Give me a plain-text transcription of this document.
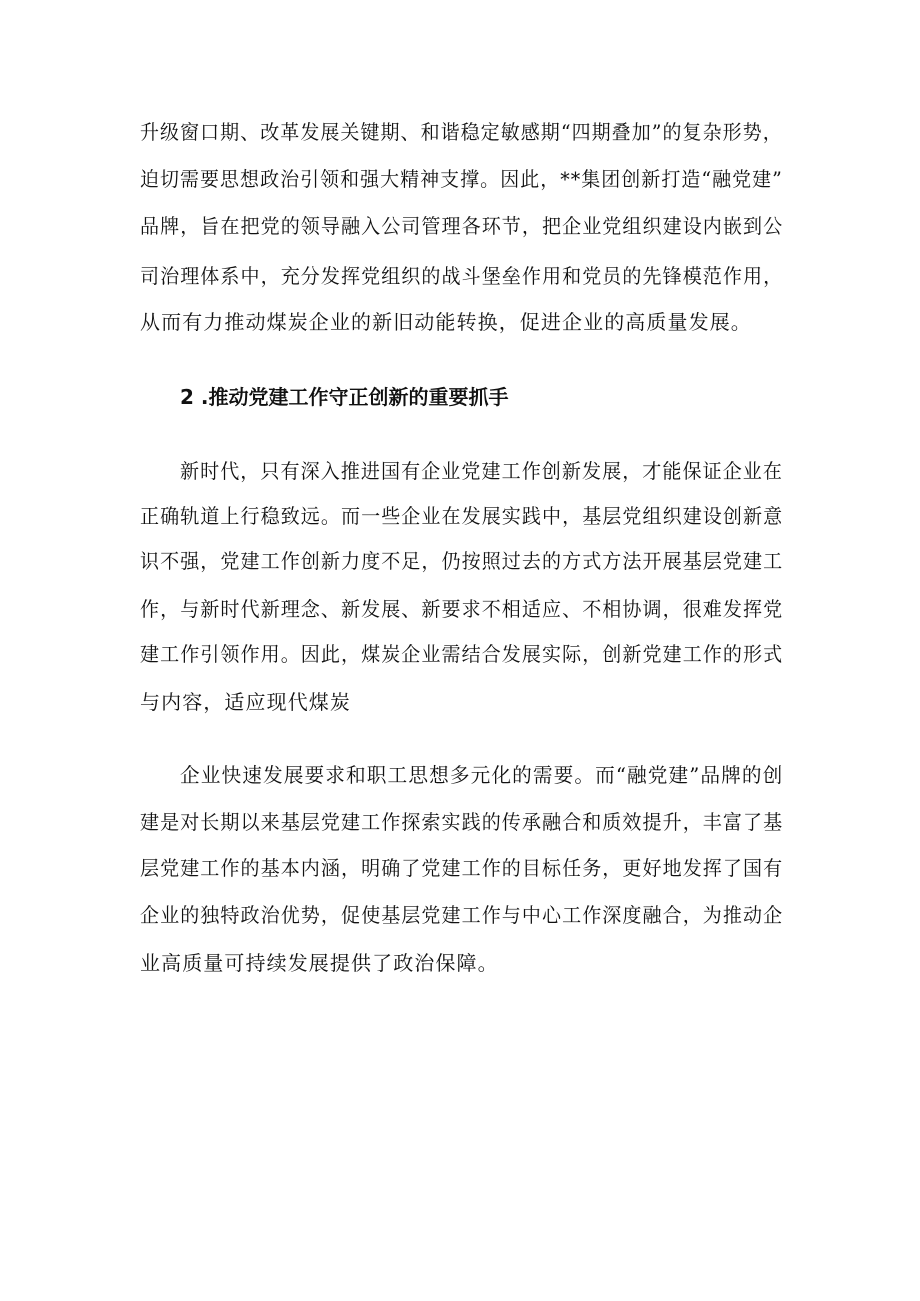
升级窗口期、改革发展关键期、和谐稳定敏感期“四期叠加”的复杂形势，
迫切需要思想政治引领和强大精神支撑。因此，**集团创新打造“融党建”
品牌，旨在把党的领导融入公司管理各环节，把企业党组织建设内嵌到公
司治理体系中，充分发挥党组织的战斗堡垒作用和党员的先锋模范作用，
从而有力推动煤炭企业的新旧动能转换，促进企业的高质量发展。
2 .推动党建工作守正创新的重要抓手
新时代，只有深入推进国有企业党建工作创新发展，才能保证企业在
正确轨道上行稳致远。而一些企业在发展实践中，基层党组织建设创新意
识不强，党建工作创新力度不足，仍按照过去的方式方法开展基层党建工
作，与新时代新理念、新发展、新要求不相适应、不相协调，很难发挥党
建工作引领作用。因此，煤炭企业需结合发展实际，创新党建工作的形式
与内容，适应现代煤炭
企业快速发展要求和职工思想多元化的需要。而“融党建”品牌的创
建是对长期以来基层党建工作探索实践的传承融合和质效提升，丰富了基
层党建工作的基本内涵，明确了党建工作的目标任务，更好地发挥了国有
企业的独特政治优势，促使基层党建工作与中心工作深度融合，为推动企
业高质量可持续发展提供了政治保障。
